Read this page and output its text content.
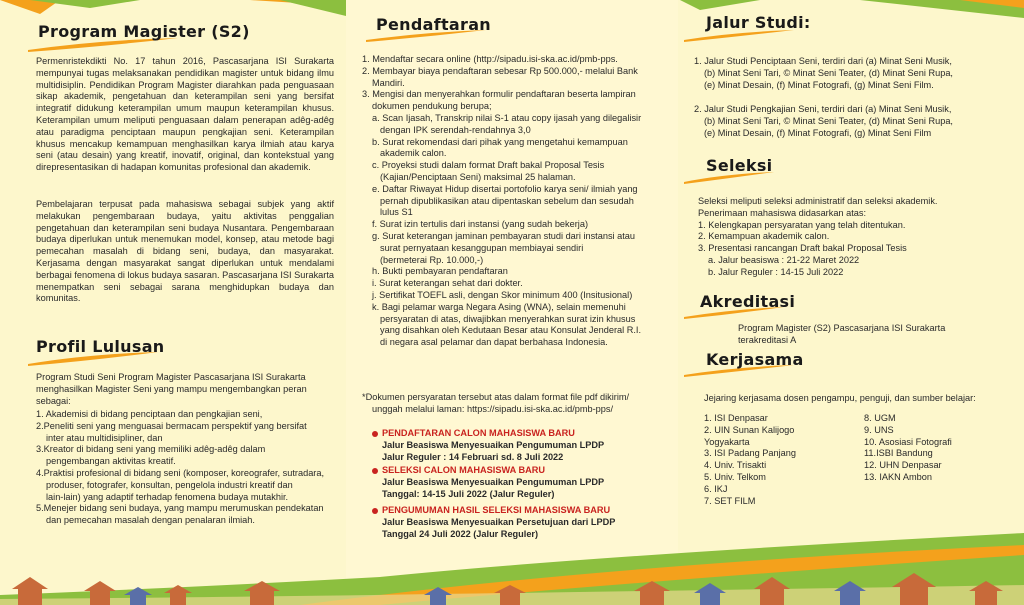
Program Magister (S2)
Permenristekdikti No. 17 tahun 2016, Pascasarjana ISI Surakarta mempunyai tugas melaksanakan pendidikan magister untuk bidang ilmu multidisiplin. Pendidikan Program Magister diarahkan pada penguasaan sikap akademik, pengetahuan dan keterampilan seni yang bersifat integratif didukung keterampilan umum maupun keterampilan khusus. Keterampilan umum meliputi penguasaan dalam penerapan adêg-adêg atau paradigma penciptaan maupun pengkajian seni. Keterampilan khusus mencakup kemampuan menghasilkan karya ilmiah atau karya seni (atau desain) yang kreatif, inovatif, original, dan kontekstual yang direpresentasikan di hadapan komunitas profesional dan akademik.
Pembelajaran terpusat pada mahasiswa sebagai subjek yang aktif melakukan pengembaraan budaya, yaitu aktivitas penggalian pengetahuan dan keterampilan seni budaya Nusantara. Pengembaraan budaya diperlukan untuk menemukan model, konsep, atau metode bagi pemecahan masalah di bidang seni, budaya, dan masyarakat. Kerjasama dengan masyarakat sangat diperlukan untuk mendalami berbagai fenomena di lokus budaya sasaran. Pascasarjana ISI Surakarta menempatkan seni sebagai sarana menghidupkan budaya dan komunitas.
Profil Lulusan
Program Studi Seni Program Magister Pascasarjana ISI Surakarta menghasilkan Magister Seni yang mampu mengembangkan peran sebagai:
1. Akademisi di bidang penciptaan dan pengkajian seni,
2.Peneliti seni yang menguasai bermacam perspektif yang bersifat
inter atau multidisipliner, dan
3.Kreator di bidang seni yang memiliki adêg-adêg dalam
pengembangan aktivitas kreatif.
4.Praktisi profesional di bidang seni (komposer, koreografer, sutradara,
produser, fotografer, konsultan, pengelola industri kreatif dan
lain-lain) yang adaptif terhadap fenomena budaya mutakhir.
5.Menejer bidang seni budaya, yang mampu merumuskan pendekatan
dan pemecahan masalah dengan penalaran ilmiah.
Pendaftaran
1. Mendaftar secara online (http://sipadu.isi-ska.ac.id/pmb-pps.
2. Membayar biaya pendaftaran sebesar Rp 500.000,- melalui Bank
Mandiri.
3. Mengisi dan menyerahkan formulir pendaftaran beserta lampiran
dokumen pendukung berupa;
a. Scan Ijasah, Transkrip nilai S-1 atau copy ijasah yang dilegalisir
dengan IPK serendah-rendahnya 3,0
b. Surat rekomendasi dari pihak yang mengetahui kemampuan
akademik calon.
c. Proyeksi studi dalam format Draft bakal Proposal Tesis
(Kajian/Penciptaan Seni) maksimal 25 halaman.
e. Daftar Riwayat Hidup disertai portofolio karya seni/ ilmiah yang
pernah dipublikasikan atau dipentaskan sebelum dan sesudah
lulus S1
f. Surat izin tertulis dari instansi (yang sudah bekerja)
g. Surat keterangan jaminan pembayaran studi dari instansi atau
surat pernyataan kesanggupan membiayai sendiri
(bermeterai Rp. 10.000,-)
h. Bukti pembayaran pendaftaran
i. Surat keterangan sehat dari dokter.
j. Sertifikat TOEFL asli, dengan Skor minimum 400 (Insitusional)
k. Bagi pelamar warga Negara Asing (WNA), selain memenuhi
persyaratan di atas, diwajibkan menyerahkan surat izin khusus
yang disahkan oleh Kedutaan Besar atau Konsulat Jenderal R.I.
di negara asal pelamar dan dapat berbahasa Indonesia.
*Dokumen persyaratan tersebut atas dalam format file pdf dikirim/
unggah melalui laman: https://sipadu.isi-ska.ac.id/pmb-pps/
PENDAFTARAN CALON MAHASISWA BARU
Jalur Beasiswa Menyesuaikan Pengumuman LPDP
Jalur Reguler : 14 Februari sd. 8 Juli 2022
SELEKSI CALON MAHASISWA BARU
Jalur Beasiswa Menyesuaikan Pengumuman LPDP
Tanggal: 14-15 Juli 2022 (Jalur Reguler)
PENGUMUMAN HASIL SELEKSI MAHASISWA BARU
Jalur Beasiswa Menyesuaikan Persetujuan dari LPDP
Tanggal 24 Juli 2022 (Jalur Reguler)
Jalur Studi:
1. Jalur Studi Penciptaan Seni, terdiri dari (a) Minat Seni Musik,
(b) Minat Seni Tari, © Minat Seni Teater, (d) Minat Seni Rupa,
(e) Minat Desain, (f) Minat Fotografi, (g) Minat Seni Film.
2. Jalur Studi Pengkajian Seni, terdiri dari (a) Minat Seni Musik,
(b) Minat Seni Tari, © Minat Seni Teater, (d) Minat Seni Rupa,
(e) Minat Desain, (f) Minat Fotografi, (g) Minat Seni Film
Seleksi
Seleksi meliputi seleksi administratif dan seleksi akademik.
Penerimaan mahasiswa didasarkan atas:
1. Kelengkapan persyaratan yang telah ditentukan.
2. Kemampuan akademik calon.
3. Presentasi rancangan Draft bakal Proposal Tesis
a. Jalur beasiswa : 21-22 Maret 2022
b. Jalur Reguler : 14-15 Juli 2022
Akreditasi
Program Magister (S2) Pascasarjana ISI Surakarta
terakreditasi A
Kerjasama
Jejaring kerjasama dosen pengampu, penguji, dan sumber belajar:
1. ISI Denpasar
2. UIN Sunan Kalijogo Yogyakarta
3. ISI Padang Panjang
4. Univ. Trisakti
5. Univ. Telkom
6. IKJ
7. SET FILM
8. UGM
9. UNS
10. Asosiasi Fotografi
11.ISBI Bandung
12. UHN Denpasar
13. IAKN Ambon
